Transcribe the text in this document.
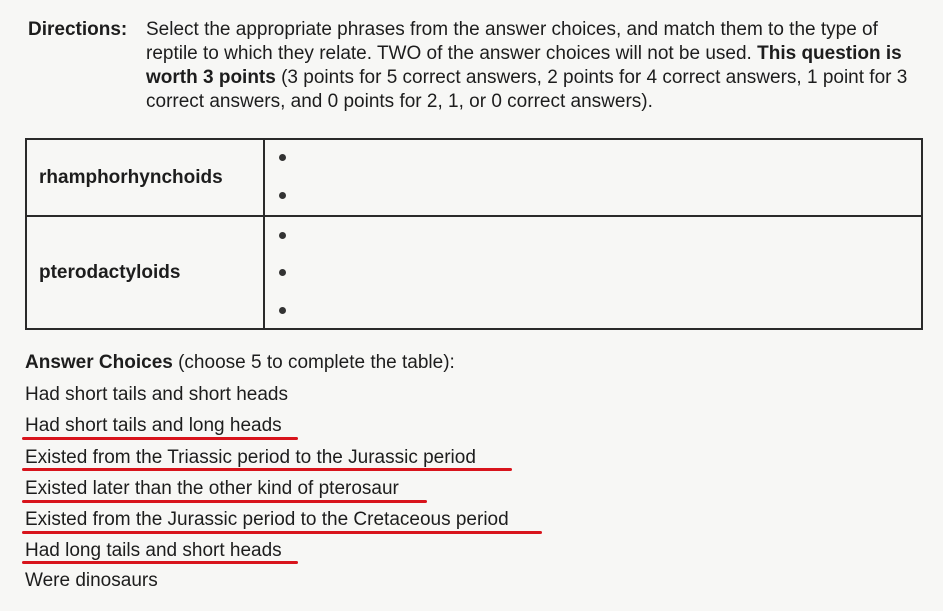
Directions: Select the appropriate phrases from the answer choices, and match them to the type of reptile to which they relate. TWO of the answer choices will not be used. This question is worth 3 points (3 points for 5 correct answers, 2 points for 4 correct answers, 1 point for 3 correct answers, and 0 points for 2, 1, or 0 correct answers).
rhamphorhynchoids
pterodactyloids
Answer Choices (choose 5 to complete the table):
Had short tails and short heads
Had short tails and long heads
Existed from the Triassic period to the Jurassic period
Existed later than the other kind of pterosaur
Existed from the Jurassic period to the Cretaceous period
Had long tails and short heads
Were dinosaurs
